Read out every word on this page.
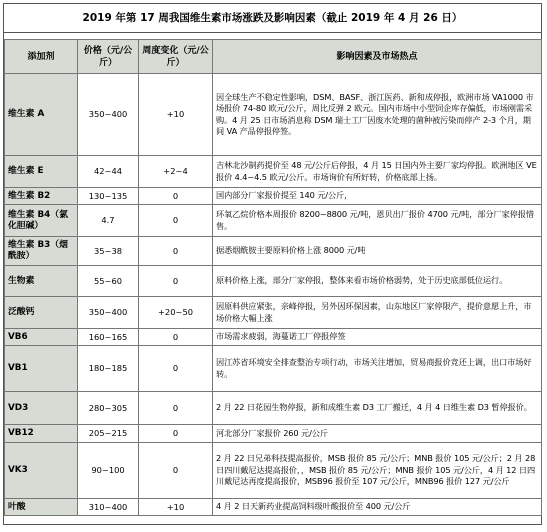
2019 年第 17 周我国维生素市场涨跌及影响因素（截止 2019 年 4 月 26 日）
添加剂	价格（元/公斤）	周度变化（元/公斤）	影响因素及市场热点
维生素 A	350~400	+10	因全球生产不稳定性影响，DSM、BASF、浙江医药、新和成停报，欧洲市场 VA1000 市场报价 74-80 欧元/公斤，周比反弹 2 欧元。国内市场中小型饲企库存偏低，市场刚需采购。4 月 25 日市场消息称 DSM 瑞士工厂因废水处理的菌种被污染而停产 2-3 个月，期间 VA 产品停报停签。

维生素 E	42~44	+2~4	吉林北沙制药提价至 48 元/公斤后停报，4 月 15 日国内外主要厂家均停报。欧洲地区 VE 报价 4.4~4.5 欧元/公斤。市场询价有所好转，价格底部上扬。

维生素 B2	130~135	0	国内部分厂家报价提至 140 元/公斤，

维生素 B4（氯化胆碱）	4.7	0	环氧乙烷价格本周报价 8200~8800 元/吨，恩贝出厂报价 4700 元/吨，部分厂家停报惜售。

维生素 B3（烟酰胺）	35~38	0	据悉烟酰胺主要原料价格上涨 8000 元/吨

生物素	55~60	0	原料价格上涨，部分厂家停报，整体来看市场价格弱势，处于历史底部低位运行。

泛酸钙	350~400	+20~50	因原料供应紧张，亲峰停报，另外因环保因素，山东地区厂家停限产，提价意愿上升，市场价格大幅上涨

VB6	160~165	0	市场需求疲弱，海蔓诺工厂停报停签

VB1	180~185	0	因江苏省环境安全排查整治专项行动，市场关注增加，贸易商报价竞还上调，出口市场好转。

VD3	280~305	0	2 月 22 日花园生物停报，新和成维生素 D3 工厂搬迁，4 月 4 日维生素 D3 暂停报价。

VB12	205~215	0	河北部分厂家报价 260 元/公斤

VK3	90~100	0	2 月 22 日兄弟科技提高报价，MSB 报价 85 元/公斤；MNB 报价 105 元/公斤；2 月 28 日四川戴尼达提高报价，，MSB 报价 85 元/公斤；MNB 报价 105 元/公斤，4 月 12 日四川戴尼达再度提高报价，MSB96 报价至 107 元/公斤，MNB96 报价 127 元/公斤

叶酸	310~400	+10	4 月 2 日天新药业提高饲料级叶酸报价至 400 元/公斤
